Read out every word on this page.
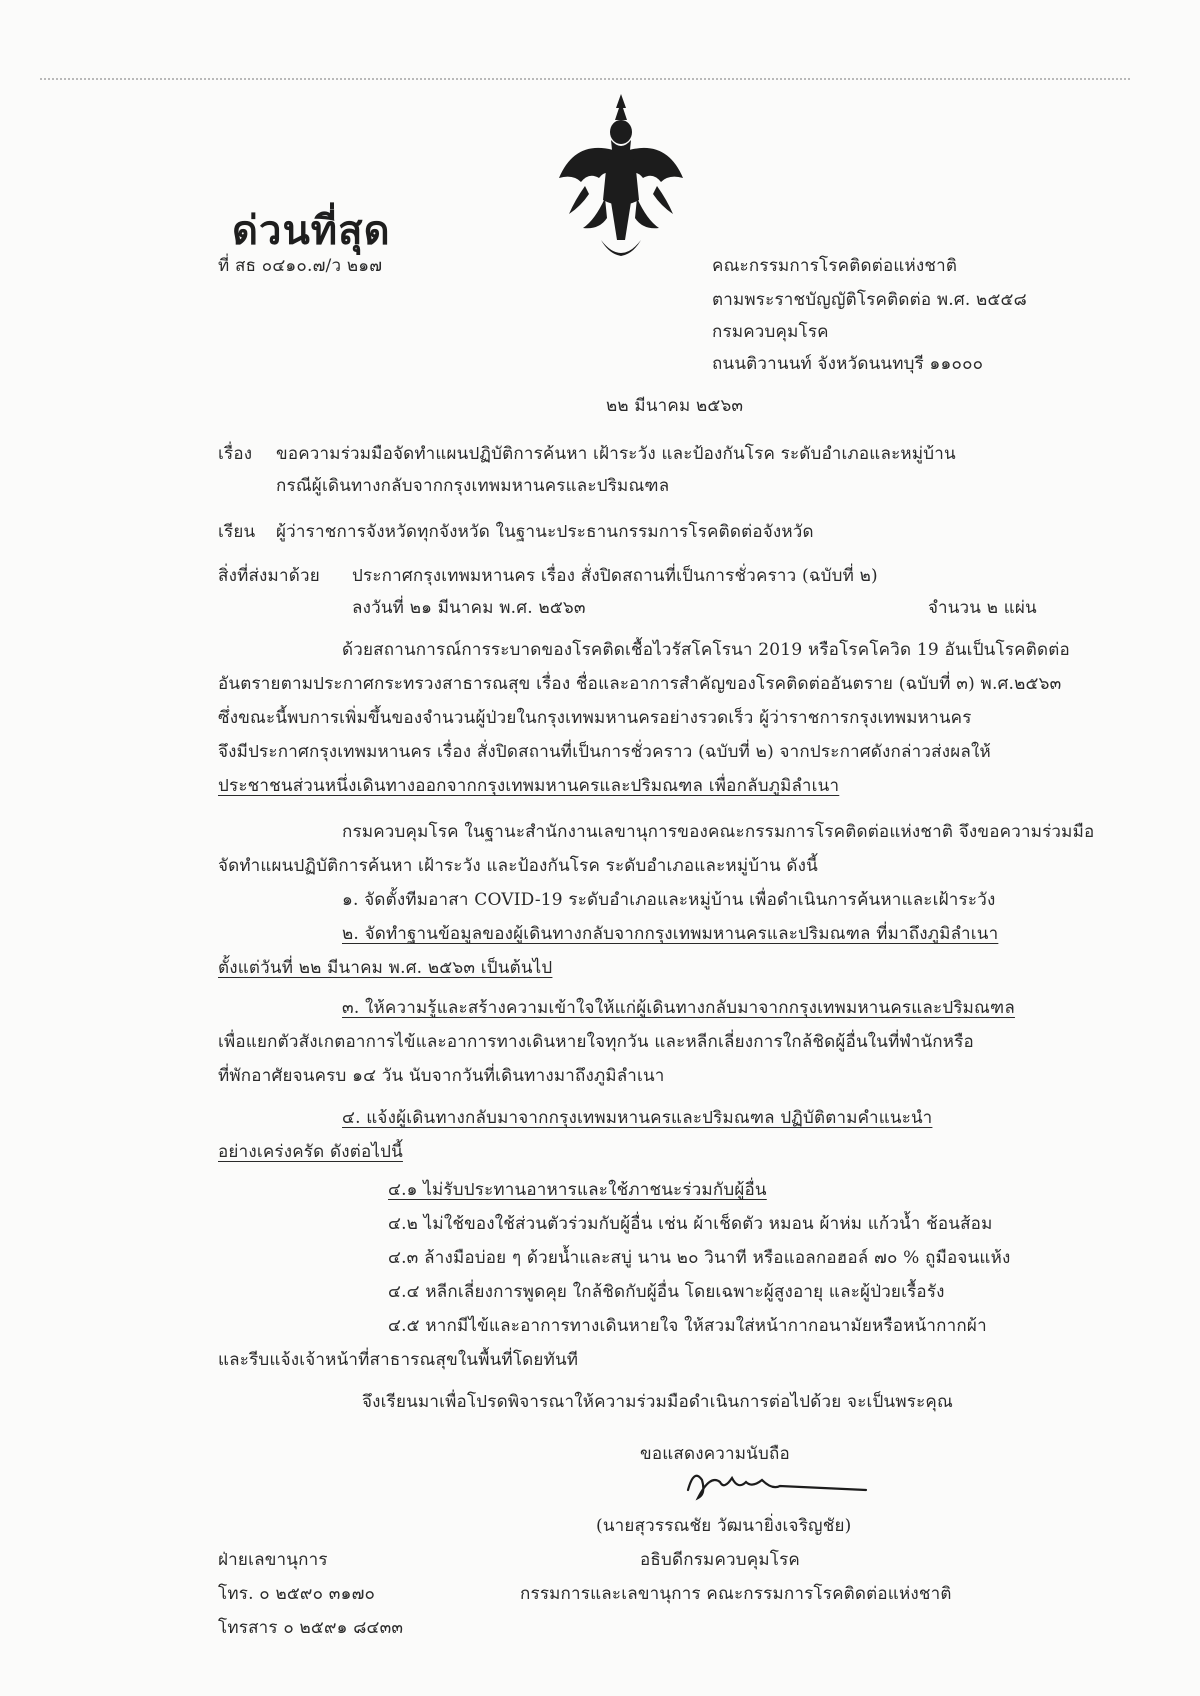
ด่วนที่สุด
ที่ สธ ๐๔๑๐.๗/ว ๒๑๗	คณะกรรมการโรคติดต่อแห่งชาติ
ตามพระราชบัญญัติโรคติดต่อ พ.ศ. ๒๕๕๘
กรมควบคุมโรค
ถนนติวานนท์ จังหวัดนนทบุรี ๑๑๐๐๐
๒๒ มีนาคม ๒๕๖๓
เรื่อง ขอความร่วมมือจัดทำแผนปฏิบัติการค้นหา เฝ้าระวัง และป้องกันโรค ระดับอำเภอและหมู่บ้าน
กรณีผู้เดินทางกลับจากกรุงเทพมหานครและปริมณฑล
เรียน ผู้ว่าราชการจังหวัดทุกจังหวัด ในฐานะประธานกรรมการโรคติดต่อจังหวัด
สิ่งที่ส่งมาด้วย ประกาศกรุงเทพมหานคร เรื่อง สั่งปิดสถานที่เป็นการชั่วคราว (ฉบับที่ ๒)
ลงวันที่ ๒๑ มีนาคม พ.ศ. ๒๕๖๓	จำนวน ๒ แผ่น
ด้วยสถานการณ์การระบาดของโรคติดเชื้อไวรัสโคโรนา 2019 หรือโรคโควิด 19 อันเป็นโรคติดต่อ
อันตรายตามประกาศกระทรวงสาธารณสุข เรื่อง ชื่อและอาการสำคัญของโรคติดต่ออันตราย (ฉบับที่ ๓) พ.ศ.๒๕๖๓
ซึ่งขณะนี้พบการเพิ่มขึ้นของจำนวนผู้ป่วยในกรุงเทพมหานครอย่างรวดเร็ว ผู้ว่าราชการกรุงเทพมหานคร
จึงมีประกาศกรุงเทพมหานคร เรื่อง สั่งปิดสถานที่เป็นการชั่วคราว (ฉบับที่ ๒) จากประกาศดังกล่าวส่งผลให้
ประชาชนส่วนหนึ่งเดินทางออกจากกรุงเทพมหานครและปริมณฑล เพื่อกลับภูมิลำเนา
กรมควบคุมโรค ในฐานะสำนักงานเลขานุการของคณะกรรมการโรคติดต่อแห่งชาติ จึงขอความร่วมมือ
จัดทำแผนปฏิบัติการค้นหา เฝ้าระวัง และป้องกันโรค ระดับอำเภอและหมู่บ้าน ดังนี้
๑. จัดตั้งทีมอาสา COVID-19 ระดับอำเภอและหมู่บ้าน เพื่อดำเนินการค้นหาและเฝ้าระวัง
๒. จัดทำฐานข้อมูลของผู้เดินทางกลับจากกรุงเทพมหานครและปริมณฑล ที่มาถึงภูมิลำเนา
ตั้งแต่วันที่ ๒๒ มีนาคม พ.ศ. ๒๕๖๓ เป็นต้นไป
๓. ให้ความรู้และสร้างความเข้าใจให้แก่ผู้เดินทางกลับมาจากกรุงเทพมหานครและปริมณฑล
เพื่อแยกตัวสังเกตอาการไข้และอาการทางเดินหายใจทุกวัน และหลีกเลี่ยงการใกล้ชิดผู้อื่นในที่พำนักหรือ
ที่พักอาศัยจนครบ ๑๔ วัน นับจากวันที่เดินทางมาถึงภูมิลำเนา
๔. แจ้งผู้เดินทางกลับมาจากกรุงเทพมหานครและปริมณฑล ปฏิบัติตามคำแนะนำ
อย่างเคร่งครัด ดังต่อไปนี้
๔.๑ ไม่รับประทานอาหารและใช้ภาชนะร่วมกับผู้อื่น
๔.๒ ไม่ใช้ของใช้ส่วนตัวร่วมกับผู้อื่น เช่น ผ้าเช็ดตัว หมอน ผ้าห่ม แก้วน้ำ ช้อนส้อม
๔.๓ ล้างมือบ่อย ๆ ด้วยน้ำและสบู่ นาน ๒๐ วินาที หรือแอลกอฮอล์ ๗๐ % ถูมือจนแห้ง
๔.๔ หลีกเลี่ยงการพูดคุย ใกล้ชิดกับผู้อื่น โดยเฉพาะผู้สูงอายุ และผู้ป่วยเรื้อรัง
๔.๕ หากมีไข้และอาการทางเดินหายใจ ให้สวมใส่หน้ากากอนามัยหรือหน้ากากผ้า
และรีบแจ้งเจ้าหน้าที่สาธารณสุขในพื้นที่โดยทันที
จึงเรียนมาเพื่อโปรดพิจารณาให้ความร่วมมือดำเนินการต่อไปด้วย จะเป็นพระคุณ
ขอแสดงความนับถือ
(นายสุวรรณชัย วัฒนายิ่งเจริญชัย)
อธิบดีกรมควบคุมโรค
กรรมการและเลขานุการ คณะกรรมการโรคติดต่อแห่งชาติ
ฝ่ายเลขานุการ
โทร. ๐ ๒๕๙๐ ๓๑๗๐
โทรสาร ๐ ๒๕๙๑ ๘๔๓๓
